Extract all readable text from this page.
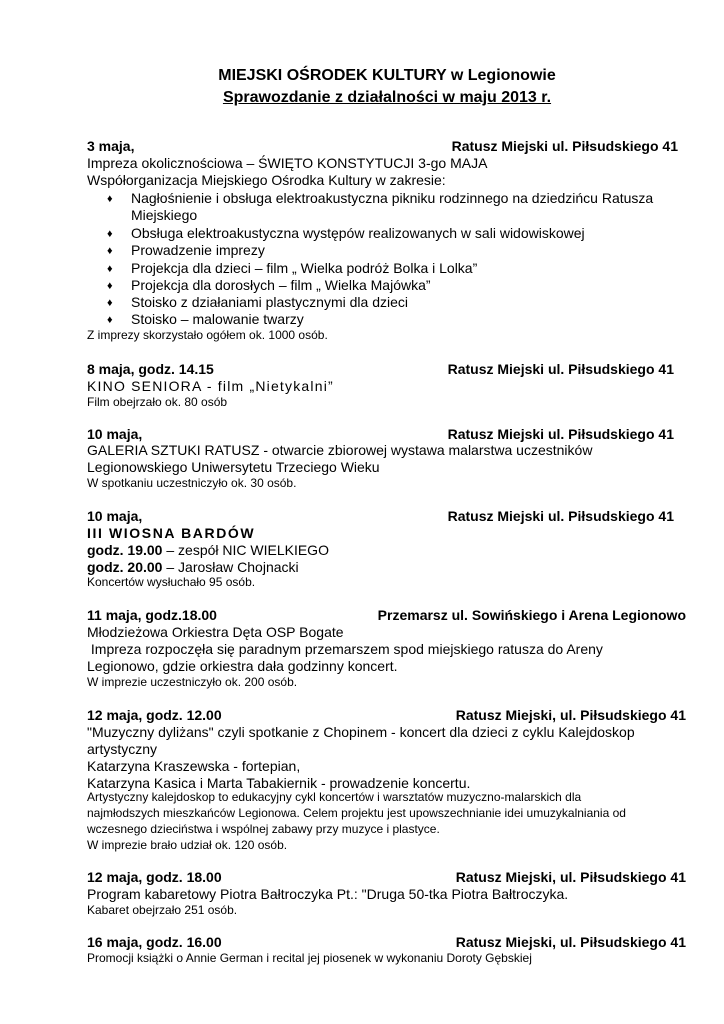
MIEJSKI OŚRODEK KULTURY w Legionowie
Sprawozdanie z działalności w maju 2013 r.
3 maja,	Ratusz Miejski ul. Piłsudskiego 41
Impreza okolicznościowa – ŚWIĘTO KONSTYTUCJI 3-go MAJA
Współorganizacja Miejskiego Ośrodka Kultury w zakresie:
♦ Nagłośnienie i obsługa elektroakustyczna pikniku rodzinnego na dziedzińcu Ratusza
Miejskiego
♦ Obsługa elektroakustyczna występów realizowanych w sali widowiskowej
♦ Prowadzenie imprezy
♦ Projekcja dla dzieci – film „ Wielka podróż Bolka i Lolka”
♦ Projekcja dla dorosłych – film „ Wielka Majówka”
♦ Stoisko z działaniami plastycznymi dla dzieci
♦ Stoisko – malowanie twarzy
Z imprezy skorzystało ogółem ok. 1000 osób.
8 maja, godz. 14.15	Ratusz Miejski ul. Piłsudskiego 41
KINO SENIORA - film „Nietykalni”
Film obejrzało ok. 80 osób
10 maja,	Ratusz Miejski ul. Piłsudskiego 41
GALERIA SZTUKI RATUSZ - otwarcie zbiorowej wystawa malarstwa uczestników
Legionowskiego Uniwersytetu Trzeciego Wieku
W spotkaniu uczestniczyło ok. 30 osób.
10 maja,	Ratusz Miejski ul. Piłsudskiego 41
III WIOSNA BARDÓW
godz. 19.00 – zespół NIC WIELKIEGO
godz. 20.00 – Jarosław Chojnacki
Koncertów wysłuchało 95 osób.
11 maja, godz.18.00	Przemarsz ul. Sowińskiego i Arena Legionowo
Młodzieżowa Orkiestra Dęta OSP Bogate
Impreza rozpoczęła się paradnym przemarszem spod miejskiego ratusza do Areny
Legionowo, gdzie orkiestra dała godzinny koncert.
W imprezie uczestniczyło ok. 200 osób.
12 maja, godz. 12.00	Ratusz Miejski, ul. Piłsudskiego 41
"Muzyczny dyliżans" czyli spotkanie z Chopinem - koncert dla dzieci z cyklu Kalejdoskop
artystyczny
Katarzyna Kraszewska - fortepian,
Katarzyna Kasica i Marta Tabakiernik - prowadzenie koncertu.
Artystyczny kalejdoskop to edukacyjny cykl koncertów i warsztatów muzyczno-malarskich dla
najmłodszych mieszkańców Legionowa. Celem projektu jest upowszechnianie idei umuzykalniania od
wczesnego dzieciństwa i wspólnej zabawy przy muzyce i plastyce.
W imprezie brało udział ok. 120 osób.
12 maja, godz. 18.00	Ratusz Miejski, ul. Piłsudskiego 41
Program kabaretowy Piotra Bałtroczyka Pt.: "Druga 50-tka Piotra Bałtroczyka.
Kabaret obejrzało 251 osób.
16 maja, godz. 16.00	Ratusz Miejski, ul. Piłsudskiego 41
Promocji książki o Annie German i recital jej piosenek w wykonaniu Doroty Gębskiej
